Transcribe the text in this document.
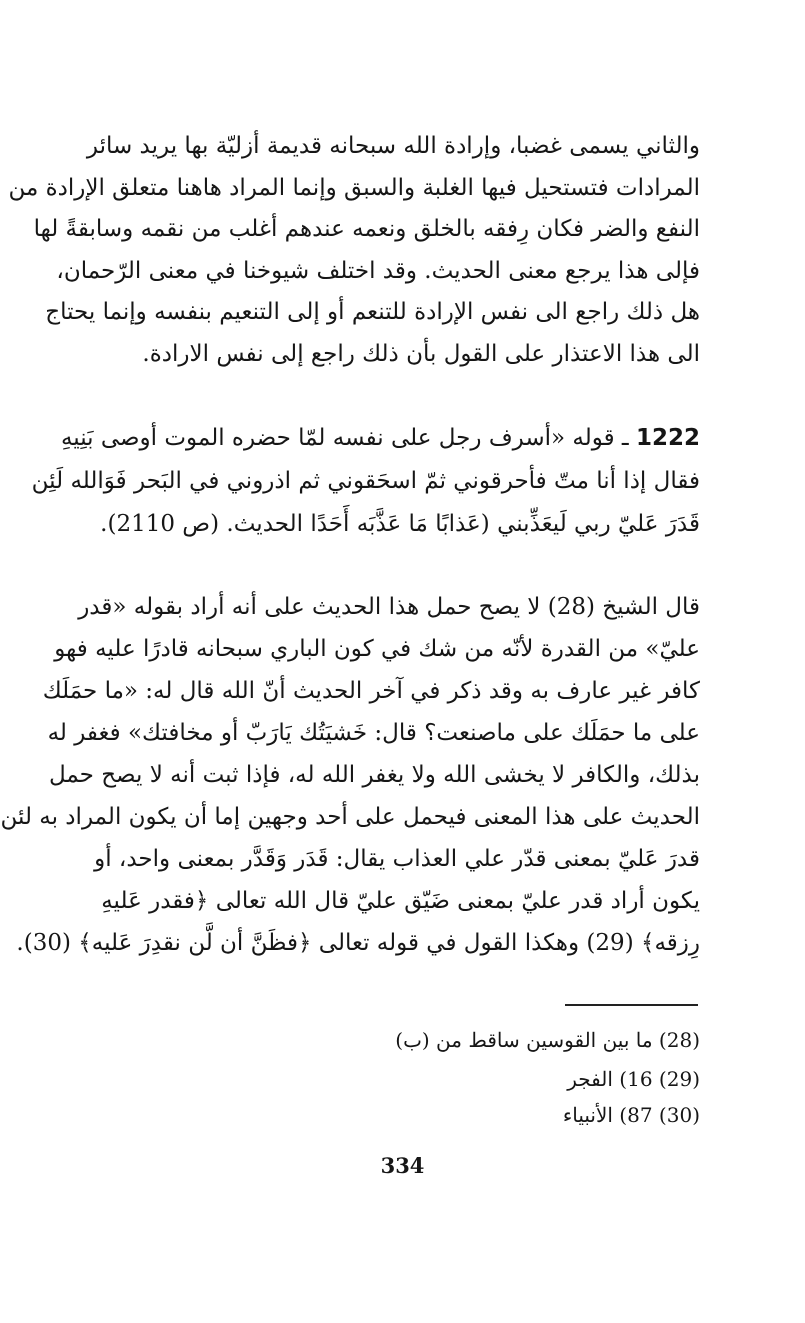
والثاني يسمى غضبا، وإرادة الله سبحانه قديمة أزليّة بها يريد سائر
المرادات فتستحيل فيها الغلبة والسبق وإنما المراد هاهنا متعلق الإرادة من
النفع والضر فكان رِفقه بالخلق ونعمه عندهم أغلب من نقمه وسابقةً لها
فإلى هذا يرجع معنى الحديث. وقد اختلف شيوخنا في معنى الرّحمان،
هل ذلك راجع الى نفس الإرادة للتنعم أو إلى التنعيم بنفسه وإنما يحتاج
الى هذا الاعتذار على القول بأن ذلك راجع إلى نفس الارادة.
1222 ـ قوله «أسرف رجل على نفسه لمّا حضره الموت أوصى بَنِيهِ
فقال إذا أنا متّ فأحرقوني ثمّ اسحَقوني ثم اذروني في البَحر فَوَالله لَئِن
قَدَرَ عَليّ ربي لَيعَذِّبني (عَذابًا مَا عَذَّبَه أَحَدًا الحديث. (ص 2110).
قال الشيخ (28) لا يصح حمل هذا الحديث على أنه أراد بقوله «قدر
عليّ» من القدرة لأنّه من شك في كون الباري سبحانه قادرًا عليه فهو
كافر غير عارف به وقد ذكر في آخر الحديث أنّ الله قال له: «ما حمَلَك
على ما حمَلَك على ماصنعت؟ قال: خَشيَتُك يَارَبّ أو مخافتك» فغفر له
بذلك، والكافر لا يخشى الله ولا يغفر الله له، فإذا ثبت أنه لا يصح حمل
الحديث على هذا المعنى فيحمل على أحد وجهين إما أن يكون المراد به لئن
قدرَ عَليّ بمعنى قدّر علي العذاب يقال: قَدَر وَقَدَّر بمعنى واحد، أو
يكون أراد قدر عليّ بمعنى ضَيّق عليّ قال الله تعالى ﴿فقدر عَليهِ
رِزقه﴾ (29) وهكذا القول في قوله تعالى ﴿فظَنَّ أن لَّن نقدِرَ عَليه﴾ (30).
(28) ما بين القوسين ساقط من (ب)
(29) 16) الفجر
(30) 87) الأنبياء
334
